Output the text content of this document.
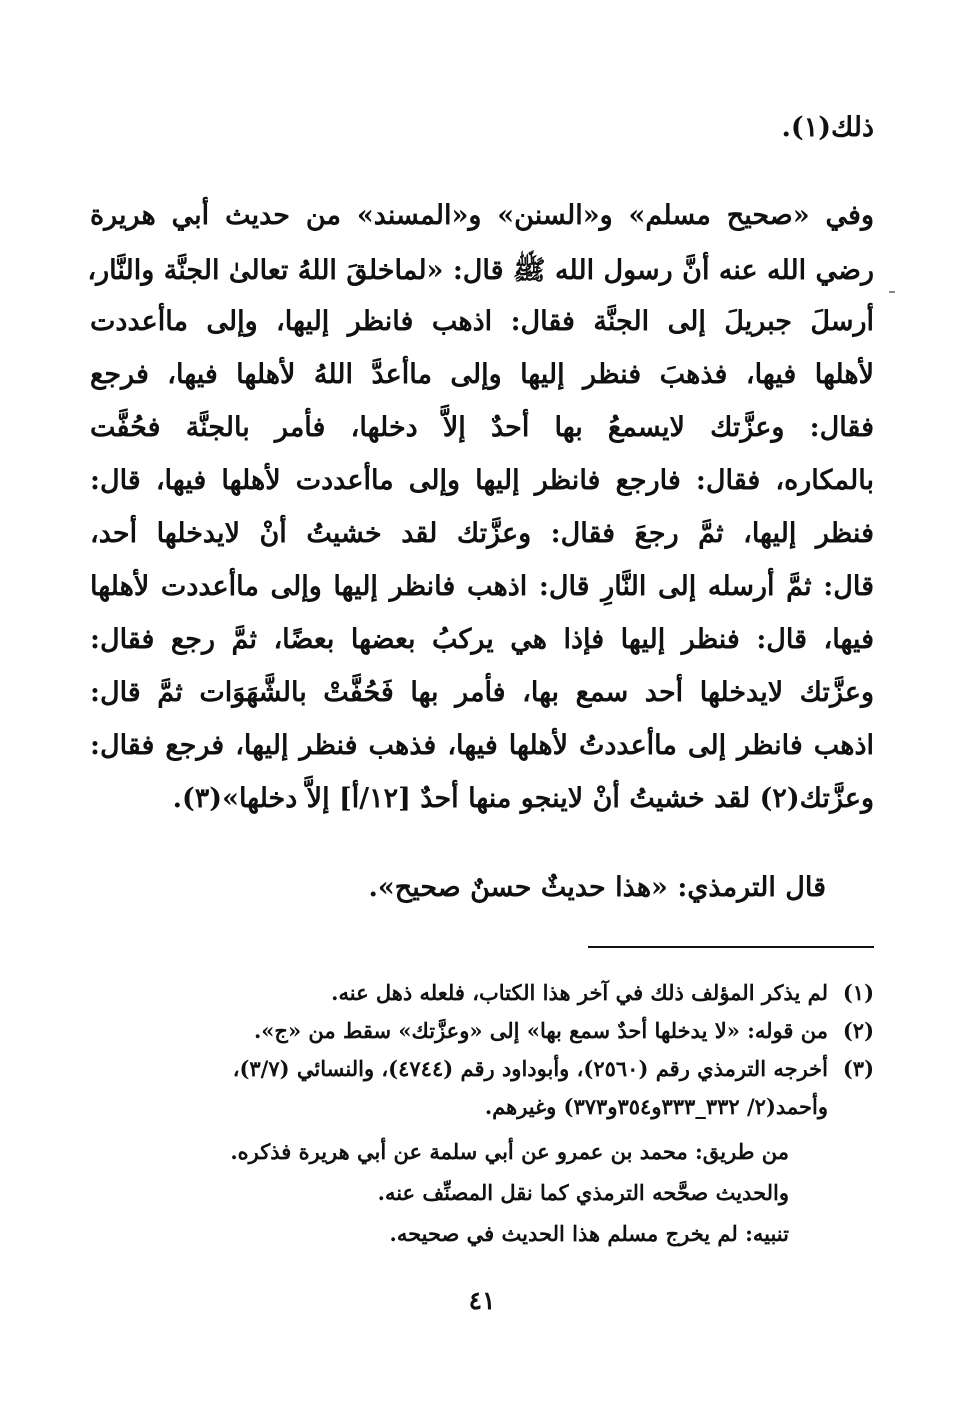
ذلك(١).
وفي «صحيح مسلم» و«السنن» و«المسند» من حديث أبي هريرة
رضي الله عنه أنَّ رسول الله ﷺ قال: «لماخلقَ اللهُ تعالىٰ الجنَّة والنَّار،
أرسلَ جبريلَ إلى الجنَّة فقال: اذهب فانظر إليها، وإلى ماأعددت
لأهلها فيها، فذهبَ فنظر إليها وإلى ماأعدَّ اللهُ لأهلها فيها، فرجع
فقال: وعزَّتك لايسمعُ بها أحدٌ إلاَّ دخلها، فأمر بالجنَّة فحُفَّت
بالمكاره، فقال: فارجع فانظر إليها وإلى ماأعددت لأهلها فيها، قال:
فنظر إليها، ثمَّ رجعَ فقال: وعزَّتك لقد خشيتُ أنْ لايدخلها أحد،
قال: ثمَّ أرسله إلى النَّارِ قال: اذهب فانظر إليها وإلى ماأعددت لأهلها
فيها، قال: فنظر إليها فإذا هي يركبُ بعضها بعضًا، ثمَّ رجع فقال:
وعزَّتك لايدخلها أحد سمع بها، فأمر بها فَحُفَّتْ بالشَّهَوَات ثمَّ قال:
اذهب فانظر إلى ماأعددتُ لأهلها فيها، فذهب فنظر إليها، فرجع فقال:
وعزَّتك(٢) لقد خشيتُ أنْ لاينجو منها أحدٌ [١٢/أ] إلاَّ دخلها»(٣).
قال الترمذي: «هذا حديثٌ حسنٌ صحيح».
(١)لم يذكر المؤلف ذلك في آخر هذا الكتاب، فلعله ذهل عنه.
(٢)من قوله: «لا يدخلها أحدٌ سمع بها» إلى «وعزَّتك» سقط من «ج».
(٣)أخرجه الترمذي رقم (٢٥٦٠)، وأبوداود رقم (٤٧٤٤)، والنسائي (٣/٧)،
وأحمد(٢/ ٣٣٢_٣٣٣و٣٥٤و٣٧٣) وغيرهم.
من طريق: محمد بن عمرو عن أبي سلمة عن أبي هريرة فذكره.
والحديث صحَّحه الترمذي كما نقل المصنِّف عنه.
تنبيه: لم يخرج مسلم هذا الحديث في صحيحه.
٤١
